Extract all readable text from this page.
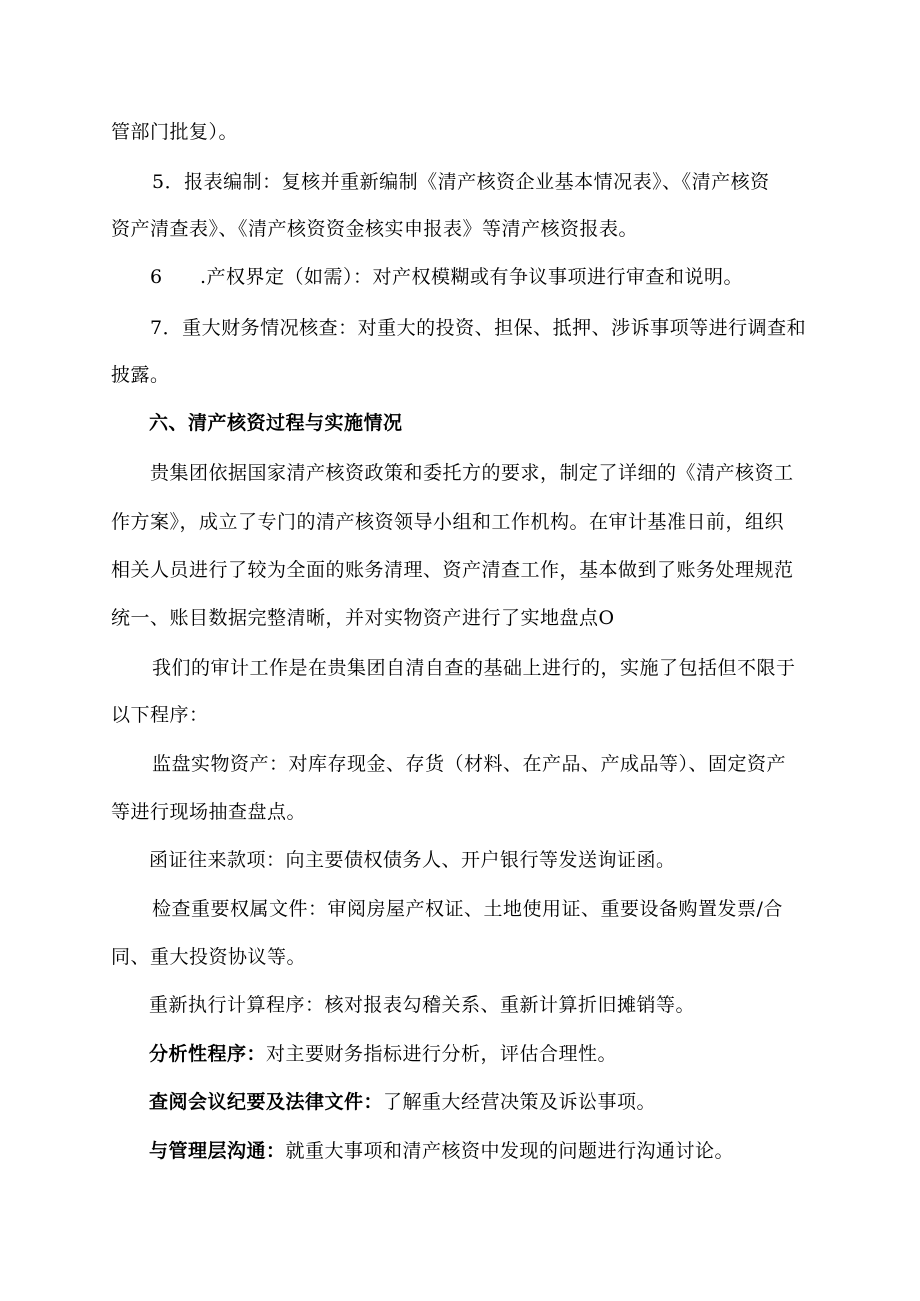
管部门批复）。
5．报表编制：复核并重新编制《清产核资企业基本情况表》、《清产核资
资产清查表》、《清产核资资金核实申报表》等清产核资报表。
6 .产权界定（如需）：对产权模糊或有争议事项进行审查和说明。
7．重大财务情况核查：对重大的投资、担保、抵押、涉诉事项等进行调查和
披露。
六、清产核资过程与实施情况
贵集团依据国家清产核资政策和委托方的要求，制定了详细的《清产核资工
作方案》，成立了专门的清产核资领导小组和工作机构。在审计基准日前，组织
相关人员进行了较为全面的账务清理、资产清查工作，基本做到了账务处理规范
统一、账目数据完整清晰，并对实物资产进行了实地盘点O
我们的审计工作是在贵集团自清自查的基础上进行的，实施了包括但不限于
以下程序：
监盘实物资产：对库存现金、存货（材料、在产品、产成品等）、固定资产
等进行现场抽查盘点。
函证往来款项：向主要债权债务人、开户银行等发送询证函。
检查重要权属文件：审阅房屋产权证、土地使用证、重要设备购置发票/合
同、重大投资协议等。
重新执行计算程序：核对报表勾稽关系、重新计算折旧摊销等。
分析性程序：对主要财务指标进行分析，评估合理性。
查阅会议纪要及法律文件：了解重大经营决策及诉讼事项。
与管理层沟通：就重大事项和清产核资中发现的问题进行沟通讨论。
